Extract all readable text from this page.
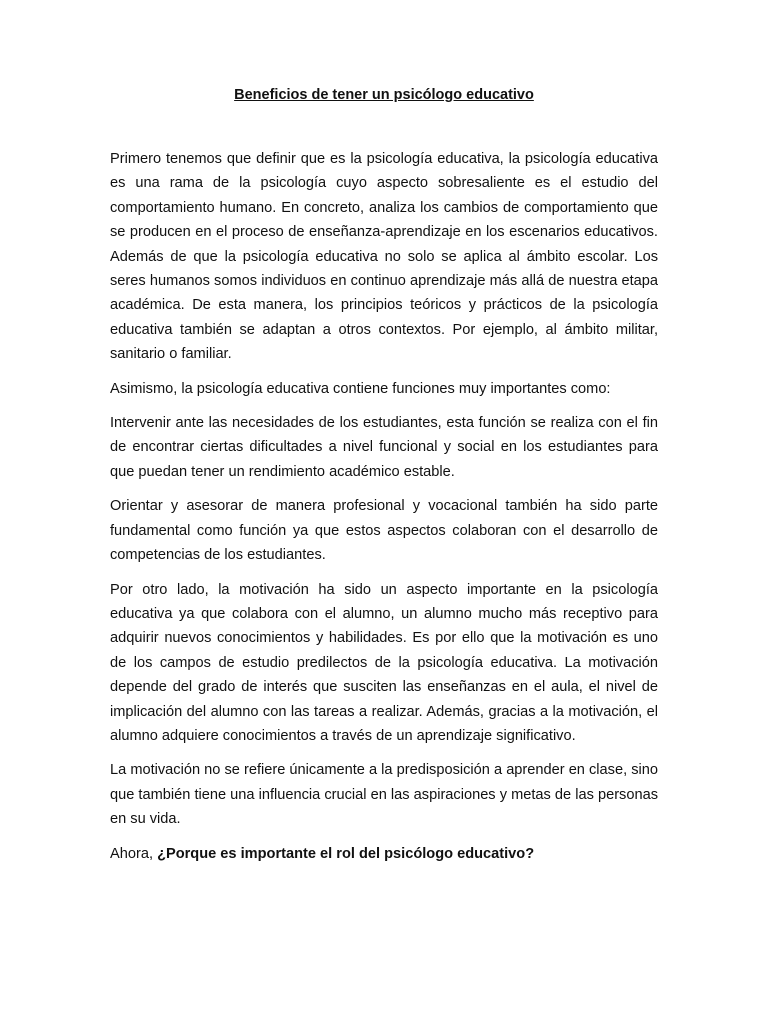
Beneficios de tener un psicólogo educativo

Primero tenemos que definir que es la psicología educativa, la psicología educativa es una rama de la psicología cuyo aspecto sobresaliente es el estudio del comportamiento humano. En concreto, analiza los cambios de comportamiento que se producen en el proceso de enseñanza-aprendizaje en los escenarios educativos. Además de que la psicología educativa no solo se aplica al ámbito escolar. Los seres humanos somos individuos en continuo aprendizaje más allá de nuestra etapa académica. De esta manera, los principios teóricos y prácticos de la psicología educativa también se adaptan a otros contextos. Por ejemplo, al ámbito militar, sanitario o familiar.

Asimismo, la psicología educativa contiene funciones muy importantes como:

Intervenir ante las necesidades de los estudiantes, esta función se realiza con el fin de encontrar ciertas dificultades a nivel funcional y social en los estudiantes para que puedan tener un rendimiento académico estable.

Orientar y asesorar de manera profesional y vocacional también ha sido parte fundamental como función ya que estos aspectos colaboran con el desarrollo de competencias de los estudiantes.

Por otro lado, la motivación ha sido un aspecto importante en la psicología educativa ya que colabora con el alumno, un alumno mucho más receptivo para adquirir nuevos conocimientos y habilidades. Es por ello que la motivación es uno de los campos de estudio predilectos de la psicología educativa. La motivación depende del grado de interés que susciten las enseñanzas en el aula, el nivel de implicación del alumno con las tareas a realizar. Además, gracias a la motivación, el alumno adquiere conocimientos a través de un aprendizaje significativo.

La motivación no se refiere únicamente a la predisposición a aprender en clase, sino que también tiene una influencia crucial en las aspiraciones y metas de las personas en su vida.

Ahora, ¿Porque es importante el rol del psicólogo educativo?
